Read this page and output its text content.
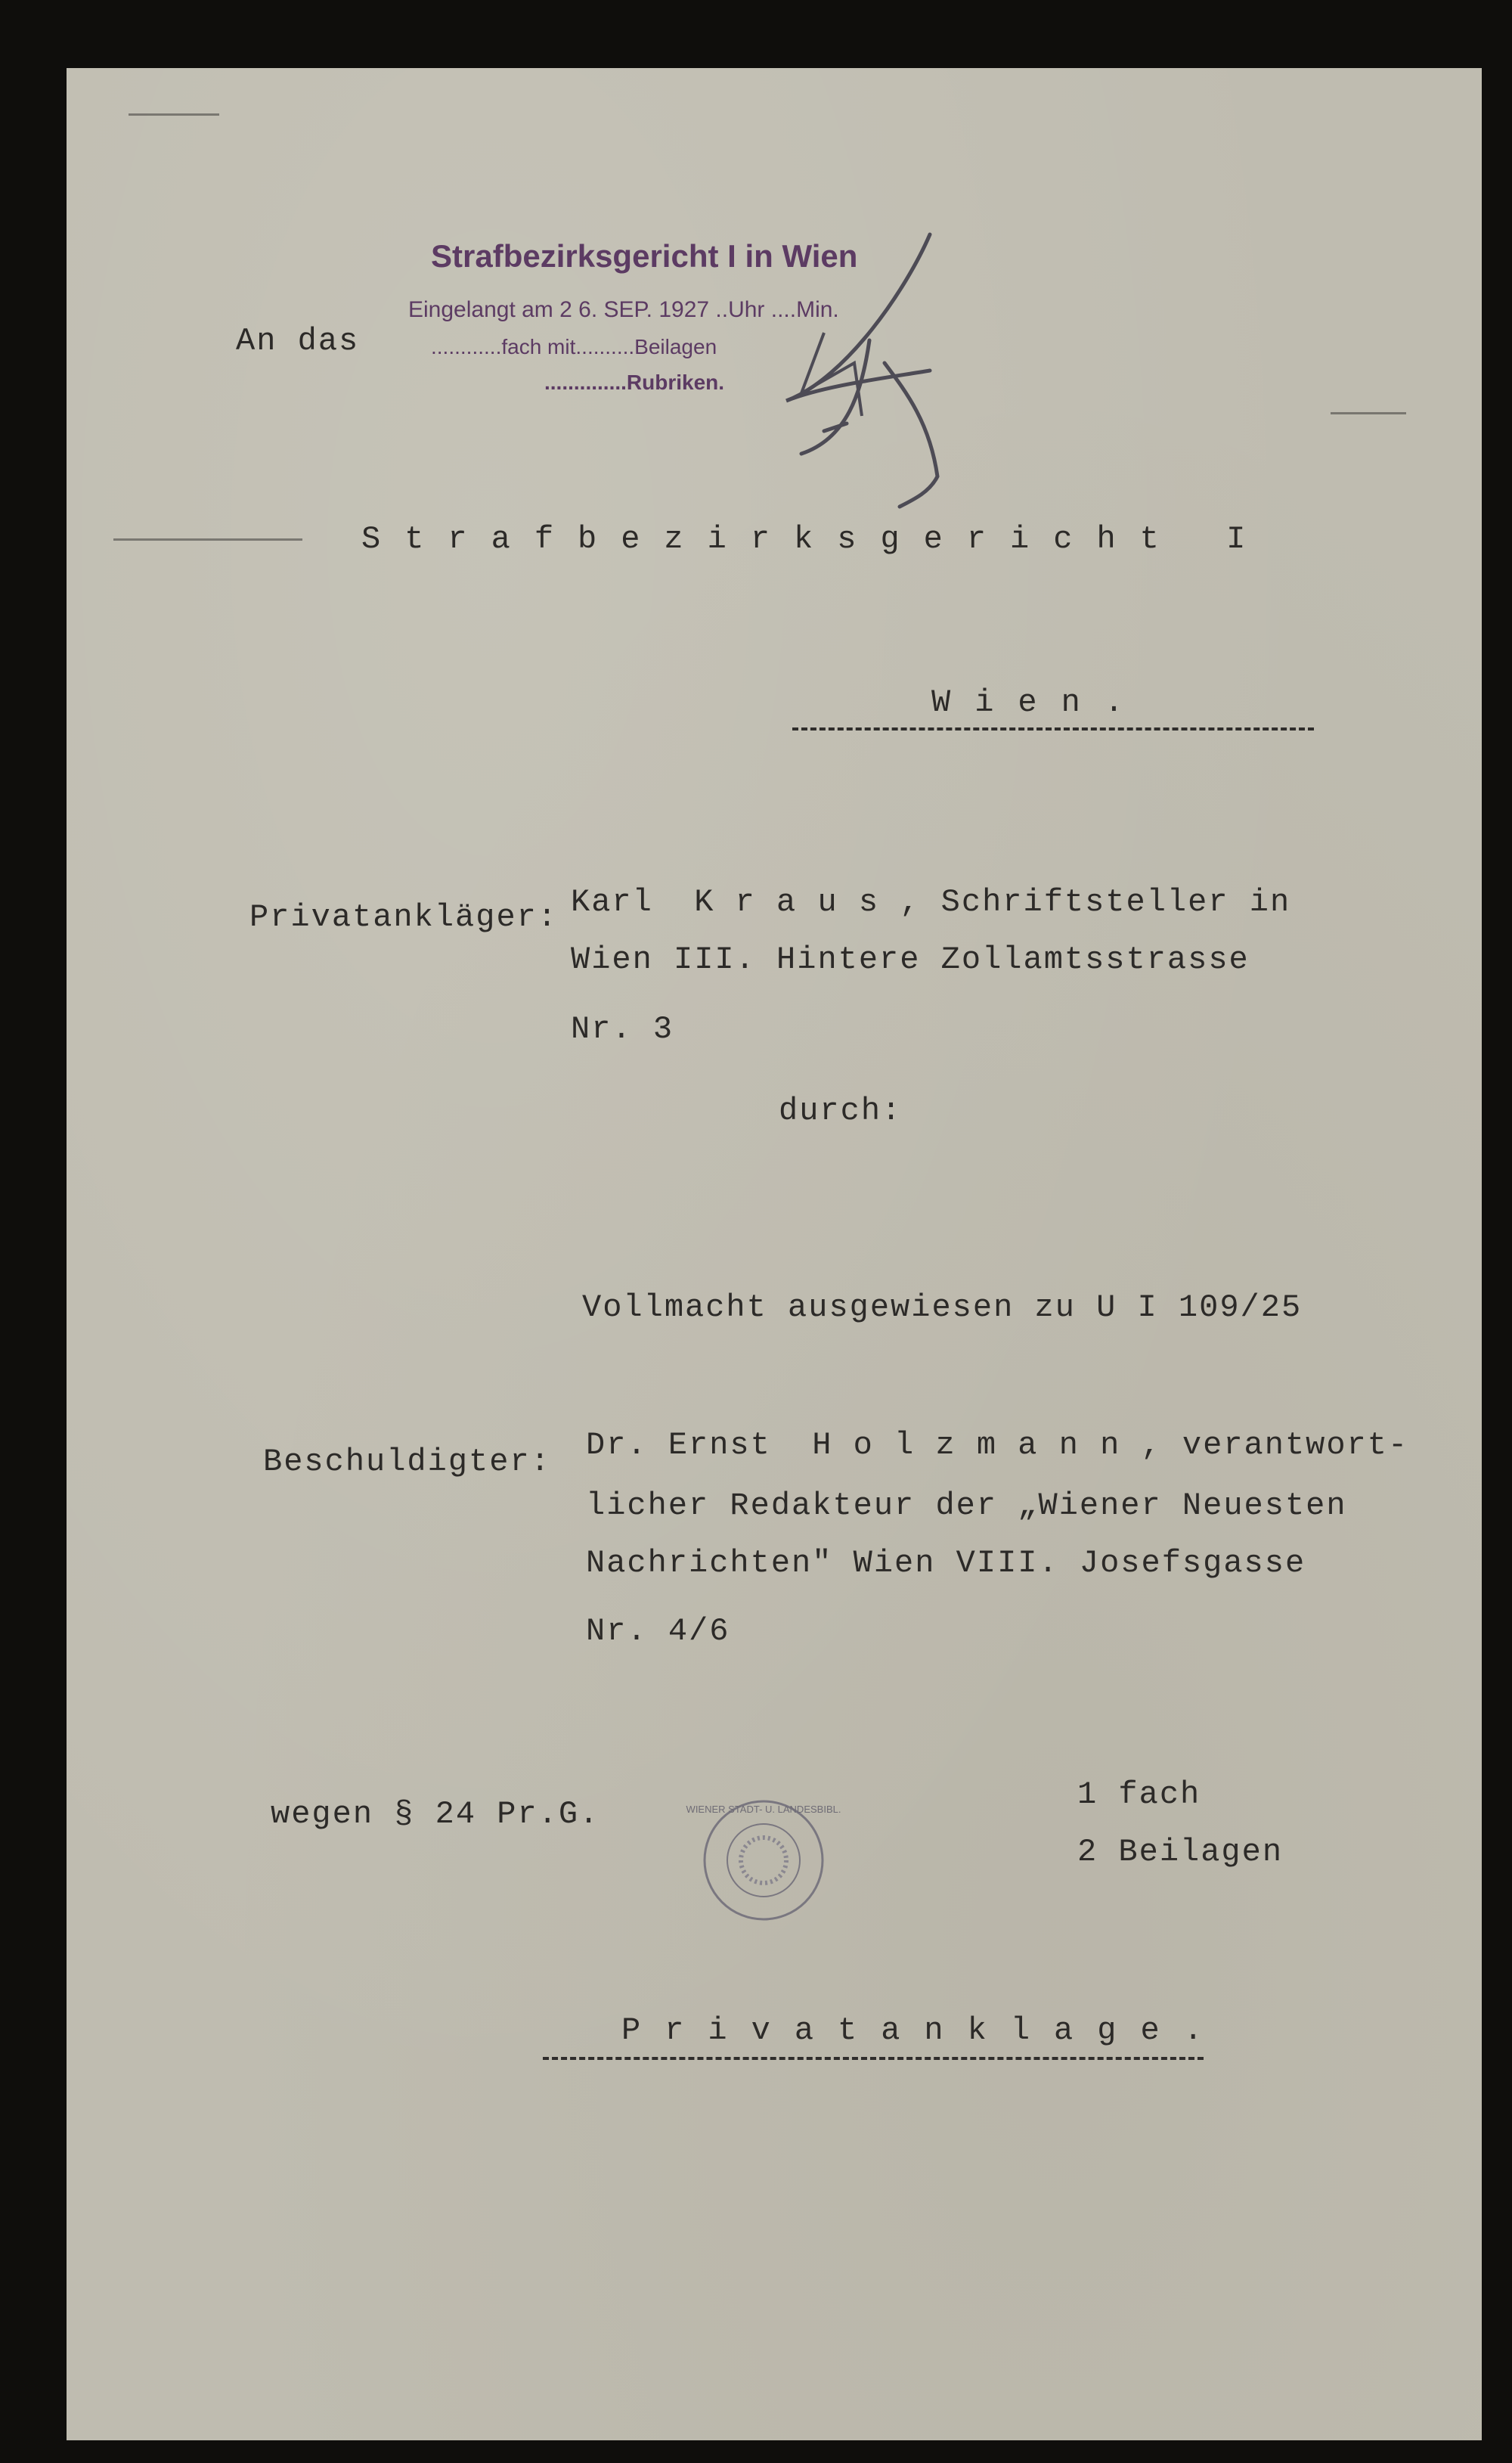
Strafbezirksgericht I in Wien
Eingelangt am 2 6. SEP. 1927 ..Uhr ....Min.
............fach mit..........Beilagen
..............Rubriken.
An das
Strafbezirksgericht I
Wien.
Privatankläger: Karl  K r a u s , Schriftsteller in
Wien III. Hintere Zollamtsstrasse
Nr. 3
durch:
Vollmacht ausgewiesen zu U I 109/25
Beschuldigter: Dr. Ernst  H o l z m a n n , verantwort-
licher Redakteur der „Wiener Neuesten
Nachrichten" Wien VIII. Josefsgasse
Nr. 4/6
wegen § 24 Pr.G.
1 fach
2 Beilagen
WIENER STADT- U. LANDESBIBL.
Privatanklage.
